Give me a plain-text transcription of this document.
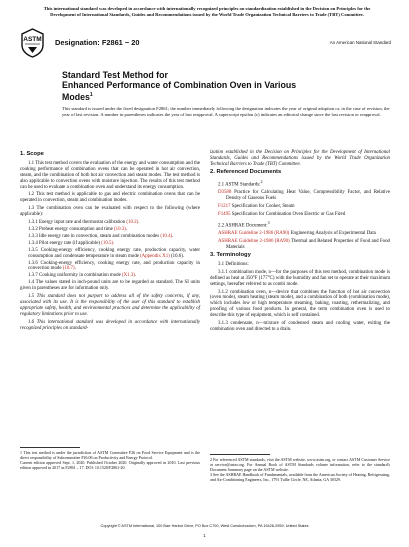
This international standard was developed in accordance with internationally recognized principles on standardization established in the Decision on Principles for the Development of International Standards, Guides and Recommendations issued by the World Trade Organization Technical Barriers to Trade (TBT) Committee.
ASTM Designation: F2861 − 20	An American National Standard
Standard Test Method for
Enhanced Performance of Combination Oven in Various
Modes$^1$
This standard is issued under the fixed designation F2861; the number immediately following the designation indicates the year of original adoption or, in the case of revision, the year of last revision. A number in parentheses indicates the year of last reapproval. A superscript epsilon (ε) indicates an editorial change since the last revision or reapproval.
1. Scope

1.1 This test method covers the evaluation of the energy and water consumption and the cooking performance of combination ovens that can be operated in hot air convection, steam, and the combination of both hot air convection and steam modes. The test method is also applicable to convection ovens with moisture injection. The results of this test method can be used to evaluate a combination oven and understand its energy consumption.

1.2 This test method is applicable to gas and electric combination ovens that can be operated in convection, steam and combination modes.

1.3 The combination oven can be evaluated with respect to the following (where applicable):

1.3.1 Energy input rate and thermostat calibration (10.2).

1.3.2 Preheat energy consumption and time (10.3).

1.3.3 Idle energy rate in convection, steam and combination modes (10.4).

1.3.4 Pilot energy rate (if applicable) (10.5).

1.3.5 Cooking-energy efficiency, cooking energy rate, production capacity, water consumption and condensate temperature in steam mode (Appendix X1) (10.6).

1.3.6 Cooking-energy efficiency, cooking energy rate, and production capacity in convection mode (10.7).

1.3.7 Cooking uniformity in combination mode (X1.3).

1.4 The values stated in inch-pound units are to be regarded as standard. The SI units given in parentheses are for information only.

1.5 This standard does not purport to address all of the safety concerns, if any, associated with its use. It is the responsibility of the user of this standard to establish appropriate safety, health, and environmental practices and determine the applicability of regulatory limitations prior to use.

1.6 This international standard was developed in accordance with internationally recognized principles on standard-

1 This test method is under the jurisdiction of ASTM Committee F26 on Food Service Equipment and is the direct responsibility of Subcommittee F26.06 on Productivity and Energy Protocol.
Current edition approved Sept. 1, 2020. Published October 2020. Originally approved in 2010. Last previous edition approved in 2017 as F2861 – 17. DOI: 10.1520/F2861-20.

ization established in the Decision on Principles for the Development of International Standards, Guides and Recommendations issued by the World Trade Organization Technical Barriers to Trade (TBT) Committee.

2. Referenced Documents

2.1 ASTM Standards:$^2$

D3588 Practice for Calculating Heat Value, Compressibility Factor, and Relative Density of Gaseous Fuels

F1217 Specification for Cooker, Steam

F1495 Specification for Combination Oven Electric or Gas Fired

2.2 ASHRAE Document:$^3$

ASHRAE Guideline 2-1986 (RA90) Engineering Analysis of Experimental Data

ASHRAE Guideline 2-1986 (RA90) Thermal and Related Properties of Food and Food Materials

3. Terminology

3.1 Definitions:

3.1.1 combination mode, n—for the purposes of this test method, combination mode is defined as heat at 350°F (177°C) with the humidity and fan set to operate at their maximum settings, hereafter referred to as combi mode.

3.1.2 combination oven, n—device that combines the function of hot air convection (oven mode), steam heating (steam mode), and a combination of both (combination mode), which includes low or high temperature steaming, baking, roasting, rethermalizing, and proofing of various food products. In general, the term combination oven is used to describe this type of equipment, which is self contained.

3.1.3 condensate, n—mixture of condensed steam and cooling water, exiting the combination oven and directed to a drain.

2 For referenced ASTM standards, visit the ASTM website, www.astm.org, or contact ASTM Customer Service at service@astm.org. For Annual Book of ASTM Standards volume information, refer to the standard's Document Summary page on the ASTM website.
3 See the ASHRAE Handbook of Fundamentals, available from the American Society of Heating, Refrigerating, and Air-Conditioning Engineers, Inc., 1791 Tullie Circle, NE, Atlanta, GA 30329.
Copyright © ASTM International, 100 Barr Harbor Drive, PO Box C700, West Conshohocken, PA 19428-2959. United States
1
